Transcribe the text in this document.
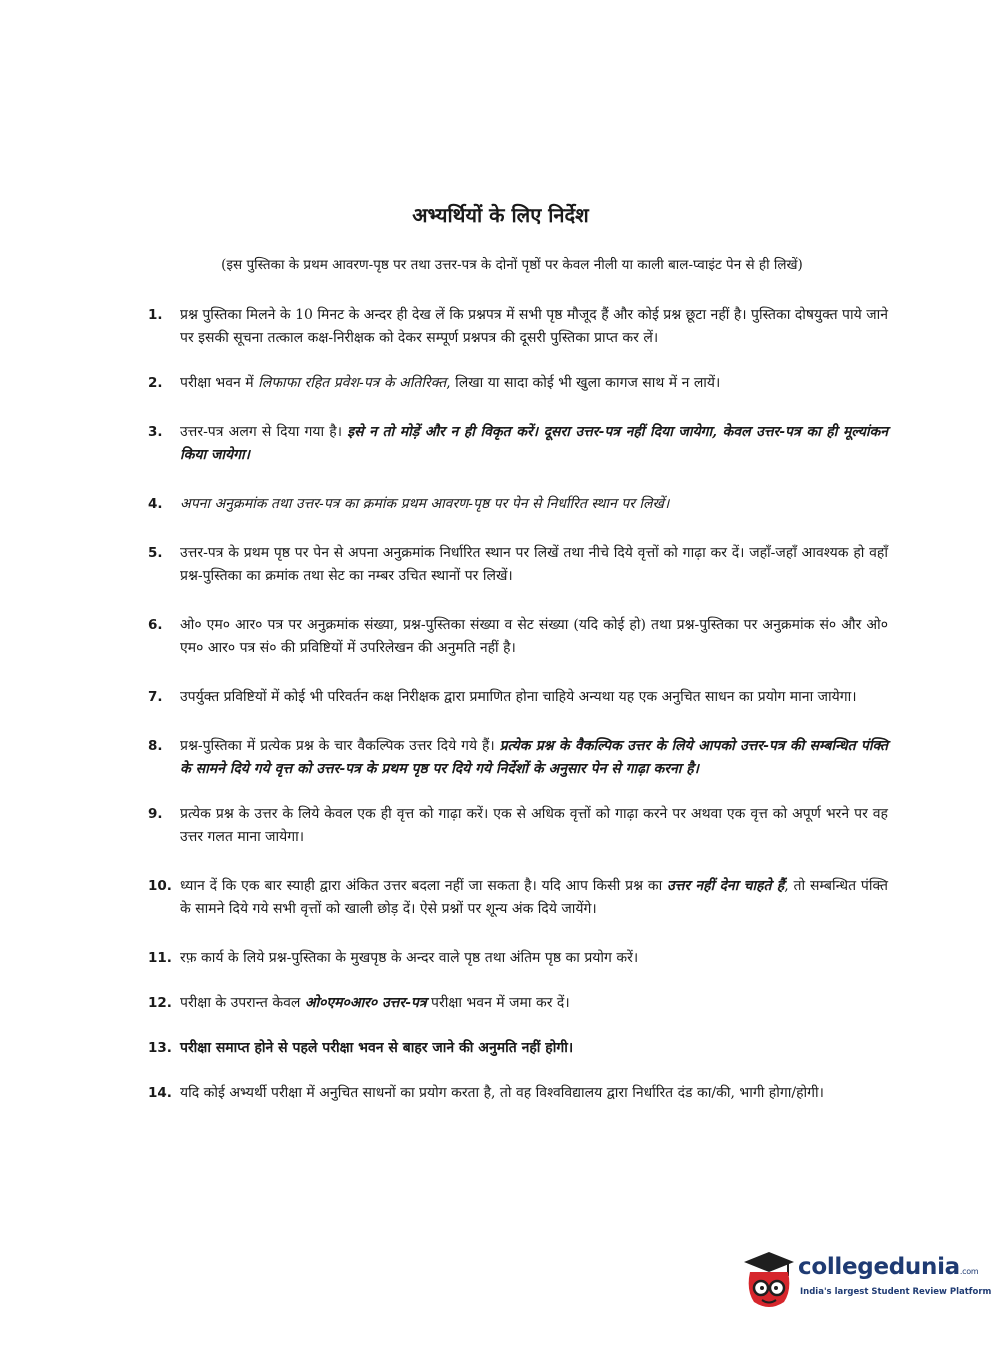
अभ्यर्थियों के लिए निर्देश
(इस पुस्तिका के प्रथम आवरण-पृष्ठ पर तथा उत्तर-पत्र के दोनों पृष्ठों पर केवल नीली या काली बाल-प्वाइंट पेन से ही लिखें)
1.	प्रश्न पुस्तिका मिलने के 10 मिनट के अन्दर ही देख लें कि प्रश्नपत्र में सभी पृष्ठ मौजूद हैं और कोई प्रश्न छूटा नहीं है। पुस्तिका दोषयुक्त पाये जाने पर इसकी सूचना तत्काल कक्ष-निरीक्षक को देकर सम्पूर्ण प्रश्नपत्र की दूसरी पुस्तिका प्राप्त कर लें।
2.	परीक्षा भवन में लिफाफा रहित प्रवेश-पत्र के अतिरिक्त, लिखा या सादा कोई भी खुला कागज साथ में न लायें।
3.	उत्तर-पत्र अलग से दिया गया है। इसे न तो मोड़ें और न ही विकृत करें। दूसरा उत्तर-पत्र नहीं दिया जायेगा, केवल उत्तर-पत्र का ही मूल्यांकन किया जायेगा।
4.	अपना अनुक्रमांक तथा उत्तर-पत्र का क्रमांक प्रथम आवरण-पृष्ठ पर पेन से निर्धारित स्थान पर लिखें।
5.	उत्तर-पत्र के प्रथम पृष्ठ पर पेन से अपना अनुक्रमांक निर्धारित स्थान पर लिखें तथा नीचे दिये वृत्तों को गाढ़ा कर दें। जहाँ-जहाँ आवश्यक हो वहाँ प्रश्न-पुस्तिका का क्रमांक तथा सेट का नम्बर उचित स्थानों पर लिखें।
6.	ओ० एम० आर० पत्र पर अनुक्रमांक संख्या, प्रश्न-पुस्तिका संख्या व सेट संख्या (यदि कोई हो) तथा प्रश्न-पुस्तिका पर अनुक्रमांक सं० और ओ० एम० आर० पत्र सं० की प्रविष्टियों में उपरिलेखन की अनुमति नहीं है।
7.	उपर्युक्त प्रविष्टियों में कोई भी परिवर्तन कक्ष निरीक्षक द्वारा प्रमाणित होना चाहिये अन्यथा यह एक अनुचित साधन का प्रयोग माना जायेगा।
8.	प्रश्न-पुस्तिका में प्रत्येक प्रश्न के चार वैकल्पिक उत्तर दिये गये हैं। प्रत्येक प्रश्न के वैकल्पिक उत्तर के लिये आपको उत्तर-पत्र की सम्बन्धित पंक्ति के सामने दिये गये वृत्त को उत्तर-पत्र के प्रथम पृष्ठ पर दिये गये निर्देशों के अनुसार पेन से गाढ़ा करना है।
9.	प्रत्येक प्रश्न के उत्तर के लिये केवल एक ही वृत्त को गाढ़ा करें। एक से अधिक वृत्तों को गाढ़ा करने पर अथवा एक वृत्त को अपूर्ण भरने पर वह उत्तर गलत माना जायेगा।
10. ध्यान दें कि एक बार स्याही द्वारा अंकित उत्तर बदला नहीं जा सकता है। यदि आप किसी प्रश्न का उत्तर नहीं देना चाहते हैं, तो सम्बन्धित पंक्ति के सामने दिये गये सभी वृत्तों को खाली छोड़ दें। ऐसे प्रश्नों पर शून्य अंक दिये जायेंगे।
11. रफ़ कार्य के लिये प्रश्न-पुस्तिका के मुखपृष्ठ के अन्दर वाले पृष्ठ तथा अंतिम पृष्ठ का प्रयोग करें।
12. परीक्षा के उपरान्त केवल ओ०एम०आर० उत्तर-पत्र परीक्षा भवन में जमा कर दें।
13. परीक्षा समाप्त होने से पहले परीक्षा भवन से बाहर जाने की अनुमति नहीं होगी।
14. यदि कोई अभ्यर्थी परीक्षा में अनुचित साधनों का प्रयोग करता है, तो वह विश्वविद्यालय द्वारा निर्धारित दंड का/की, भागी होगा/होगी।
collegedunia.com
India's largest Student Review Platform
